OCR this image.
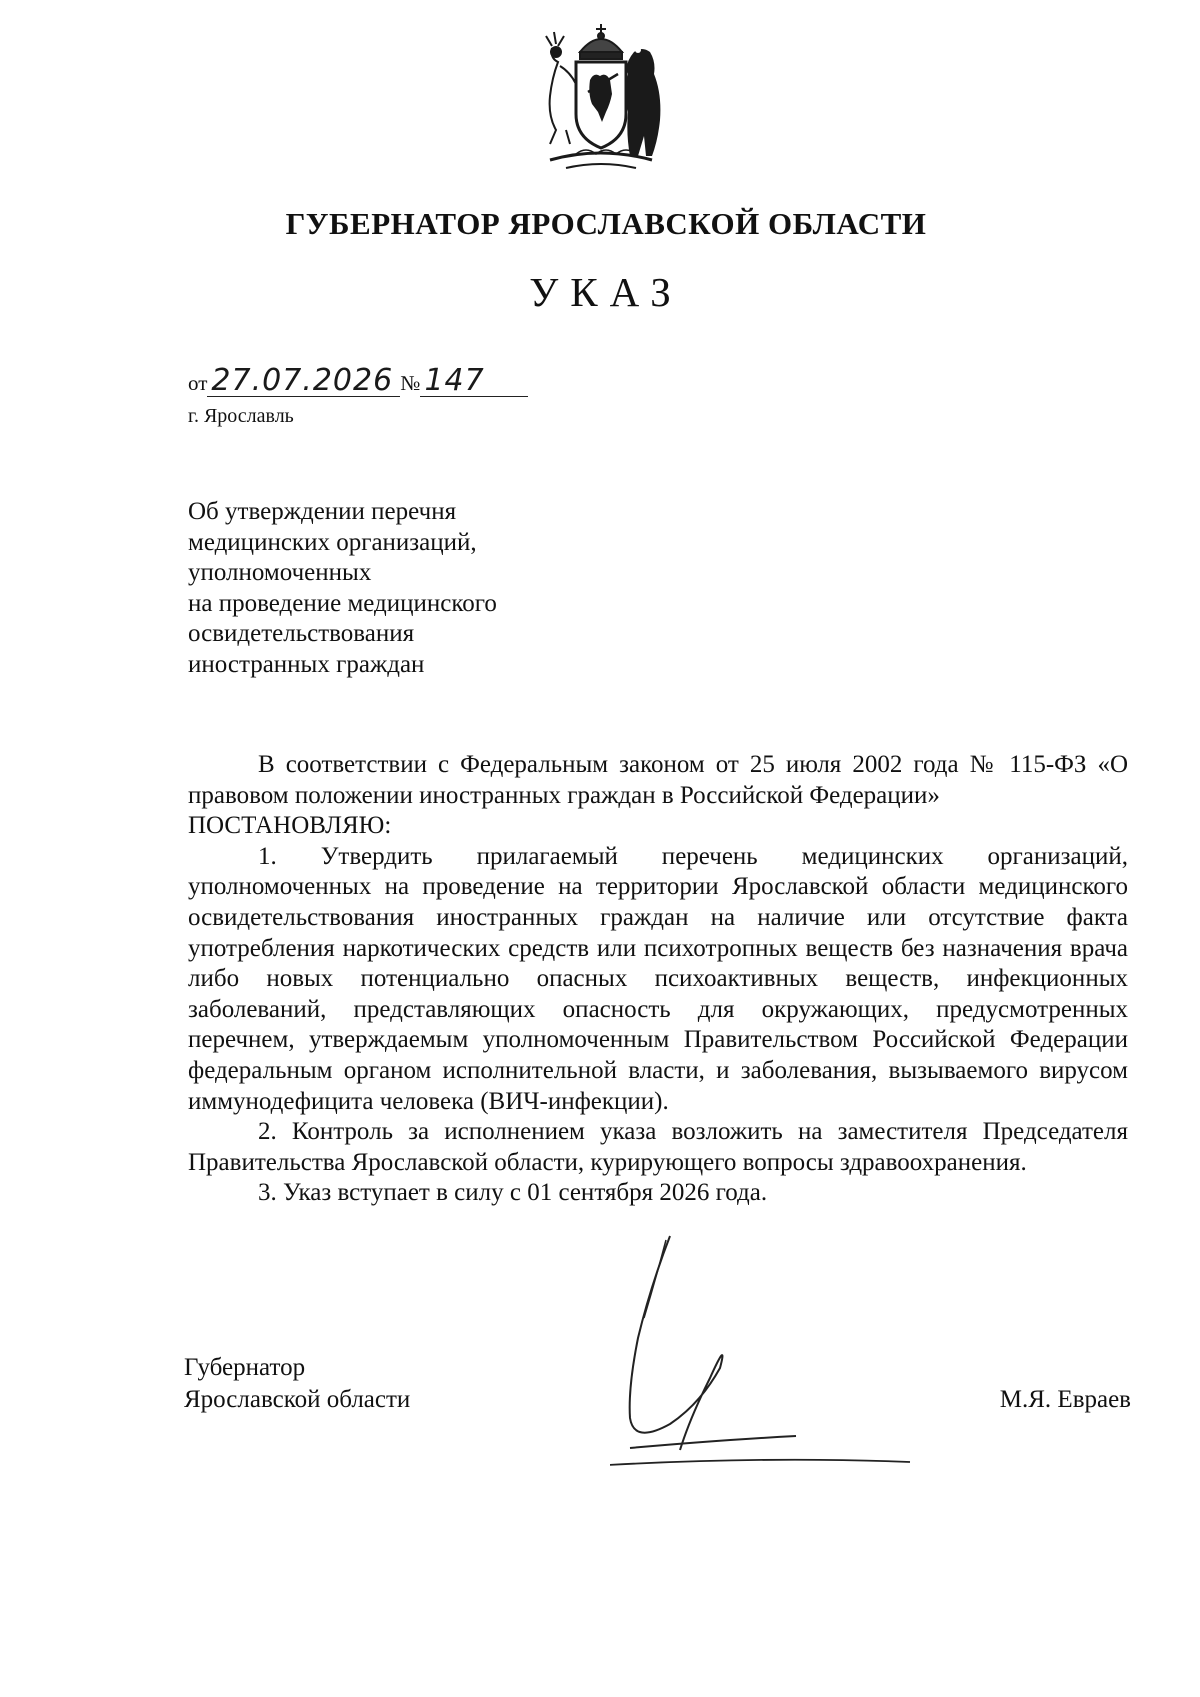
ГУБЕРНАТОР ЯРОСЛАВСКОЙ ОБЛАСТИ
УКАЗ
от 27.07.2026 № 147
г. Ярославль
Об утверждении перечня
медицинских организаций,
уполномоченных
на проведение медицинского
освидетельствования
иностранных граждан

В соответствии с Федеральным законом от 25 июля 2002 года № 115-ФЗ «О правовом положении иностранных граждан в Российской Федерации»

ПОСТАНОВЛЯЮ:

1. Утвердить прилагаемый перечень медицинских организаций, уполномоченных на проведение на территории Ярославской области медицинского освидетельствования иностранных граждан на наличие или отсутствие факта употребления наркотических средств или психотропных веществ без назначения врача либо новых потенциально опасных психоактивных веществ, инфекционных заболеваний, представляющих опасность для окружающих, предусмотренных перечнем, утверждаемым уполномоченным Правительством Российской Федерации федеральным органом исполнительной власти, и заболевания, вызываемого вирусом иммунодефицита человека (ВИЧ-инфекции).

2. Контроль за исполнением указа возложить на заместителя Председателя Правительства Ярославской области, курирующего вопросы здравоохранения.

3. Указ вступает в силу с 01 сентября 2026 года.

Губернатор
Ярославской области	М.Я. Евраев
